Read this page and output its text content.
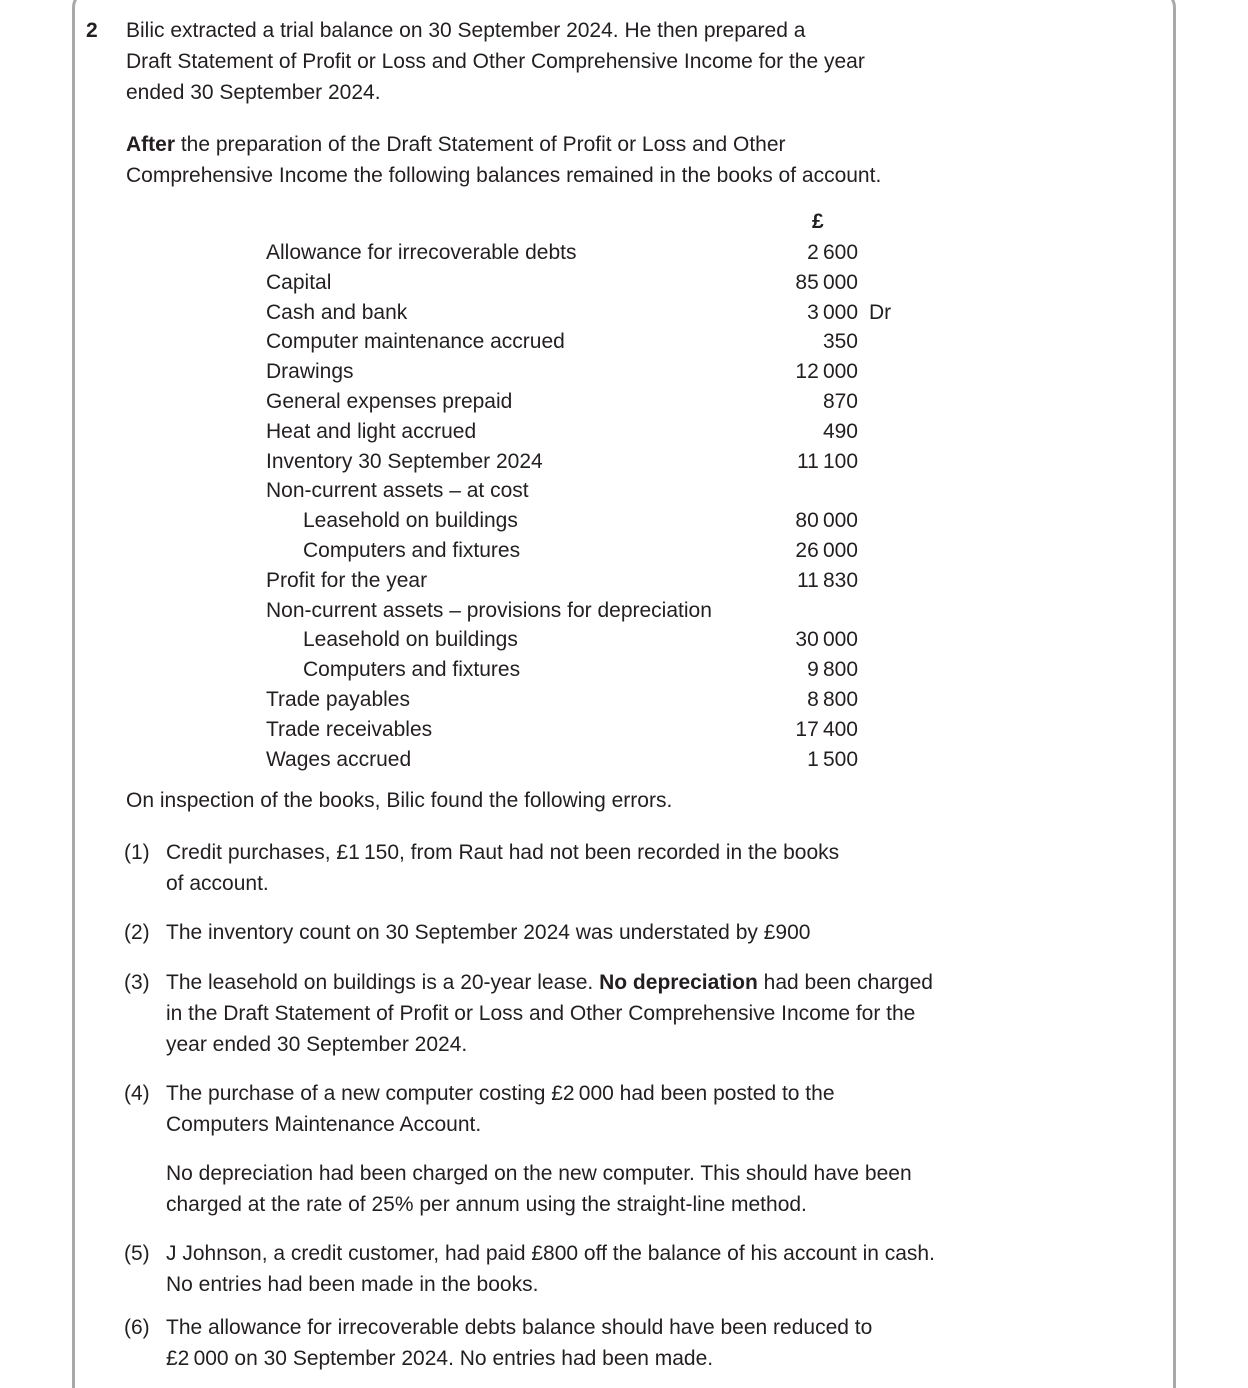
2 Bilic extracted a trial balance on 30 September 2024. He then prepared a
Draft Statement of Profit or Loss and Other Comprehensive Income for the year
ended 30 September 2024.
After the preparation of the Draft Statement of Profit or Loss and Other
Comprehensive Income the following balances remained in the books of account.
£
Allowance for irrecoverable debts	2 600
Capital	85 000
Cash and bank	3 000 Dr
Computer maintenance accrued	350
Drawings	12 000
General expenses prepaid	870
Heat and light accrued	490
Inventory 30 September 2024	11 100
Non-current assets – at cost
Leasehold on buildings	80 000
Computers and fixtures	26 000
Profit for the year	11 830
Non-current assets – provisions for depreciation
Leasehold on buildings	30 000
Computers and fixtures	9 800
Trade payables	8 800
Trade receivables	17 400
Wages accrued	1 500
On inspection of the books, Bilic found the following errors.
(1) Credit purchases, £1 150, from Raut had not been recorded in the books
of account.
(2) The inventory count on 30 September 2024 was understated by £900
(3) The leasehold on buildings is a 20-year lease. No depreciation had been charged
in the Draft Statement of Profit or Loss and Other Comprehensive Income for the
year ended 30 September 2024.
(4) The purchase of a new computer costing £2 000 had been posted to the
Computers Maintenance Account.
No depreciation had been charged on the new computer. This should have been
charged at the rate of 25% per annum using the straight-line method.
(5) J Johnson, a credit customer, had paid £800 off the balance of his account in cash.
No entries had been made in the books.
(6) The allowance for irrecoverable debts balance should have been reduced to
£2 000 on 30 September 2024. No entries had been made.
